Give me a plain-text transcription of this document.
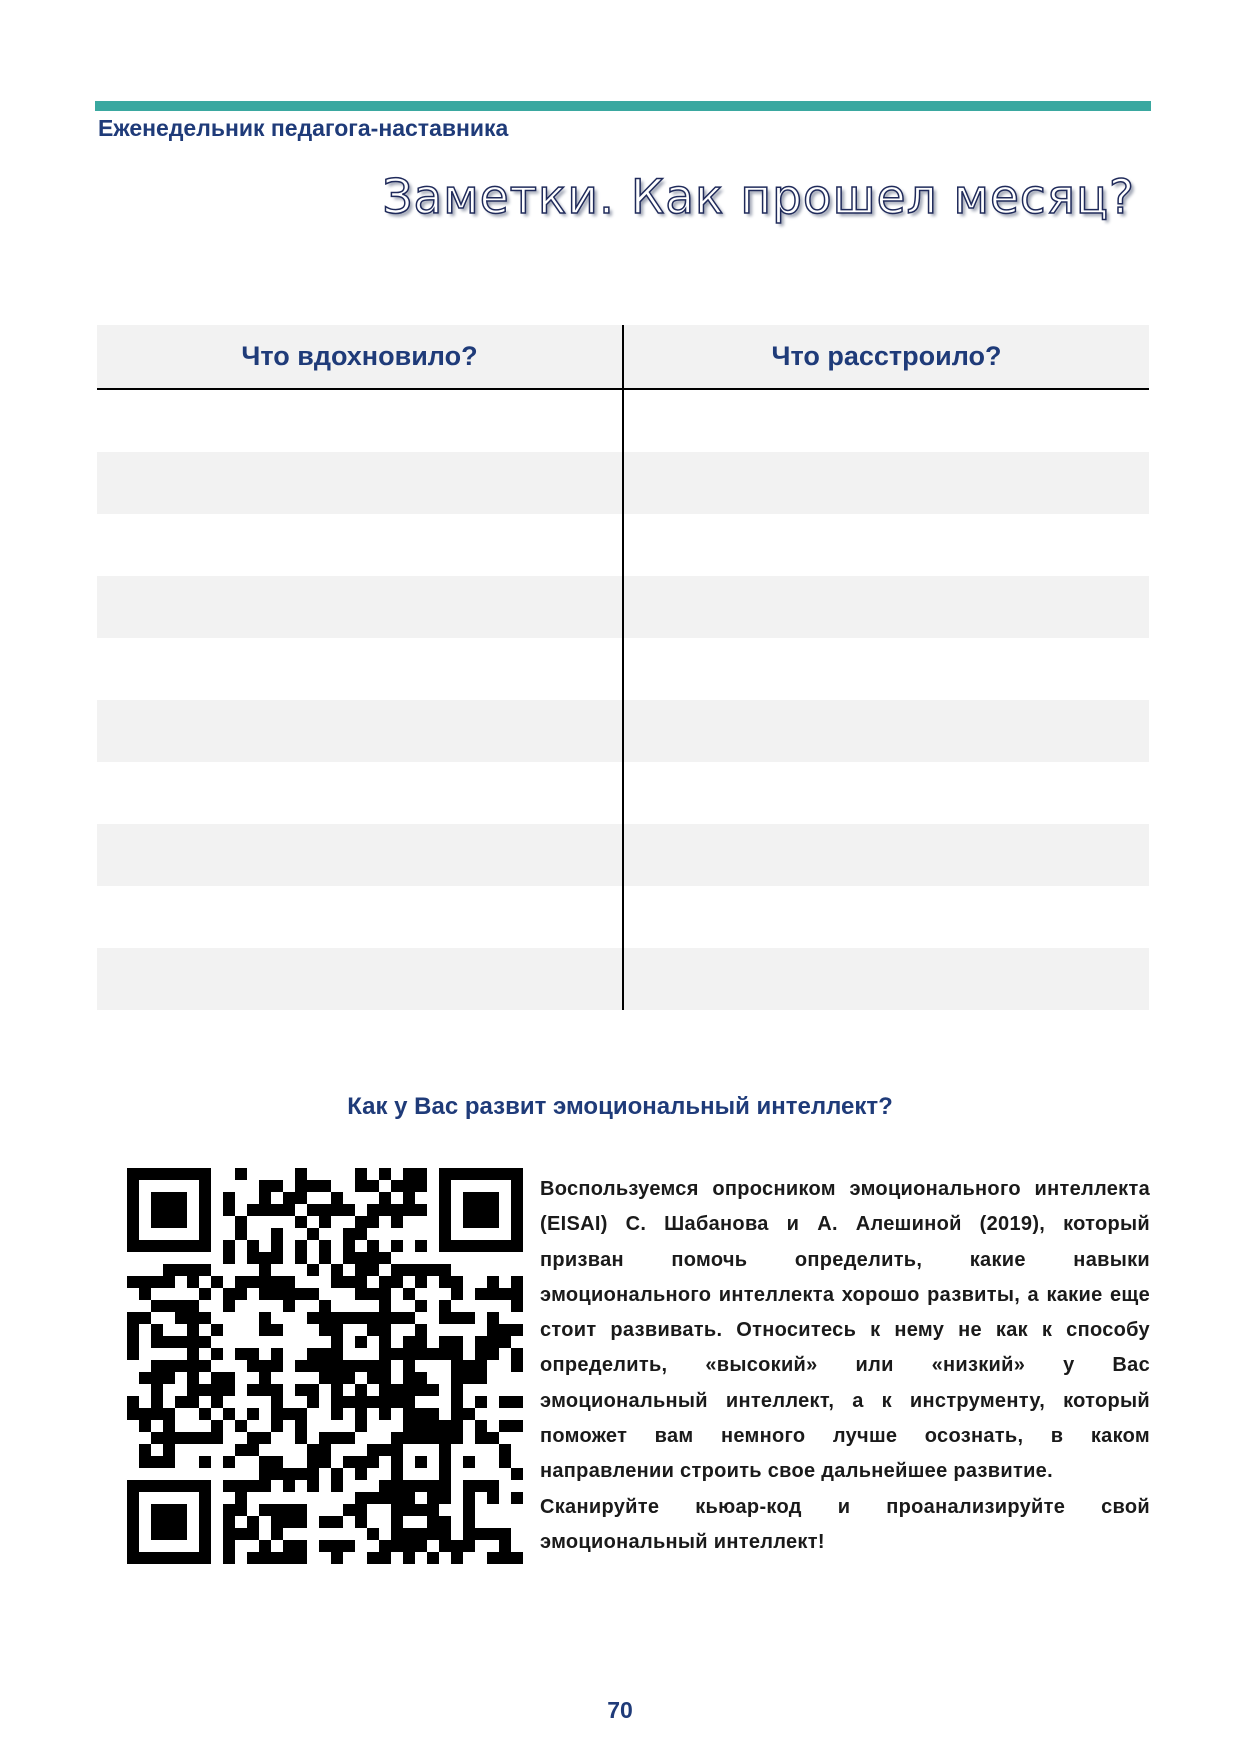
Еженедельник педагога-наставника
Заметки. Как прошел месяц?
Что вдохновило?	Что расстроило?

Как у Вас развит эмоциональный интеллект?

Воспользуемся опросником эмоционального интеллекта (EISAI) С. Шабанова и А. Алешиной (2019), который призван помочь определить, какие навыки эмоционального интеллекта хорошо развиты, а какие еще стоит развивать. Относитесь к нему не как к способу определить, «высокий» или «низкий» у Вас эмоциональный интеллект, а к инструменту, который поможет вам немного лучше осознать, в каком направлении строить свое дальнейшее развитие.

Сканируйте кьюар-код и проанализируйте свой эмоциональный интеллект!

70
